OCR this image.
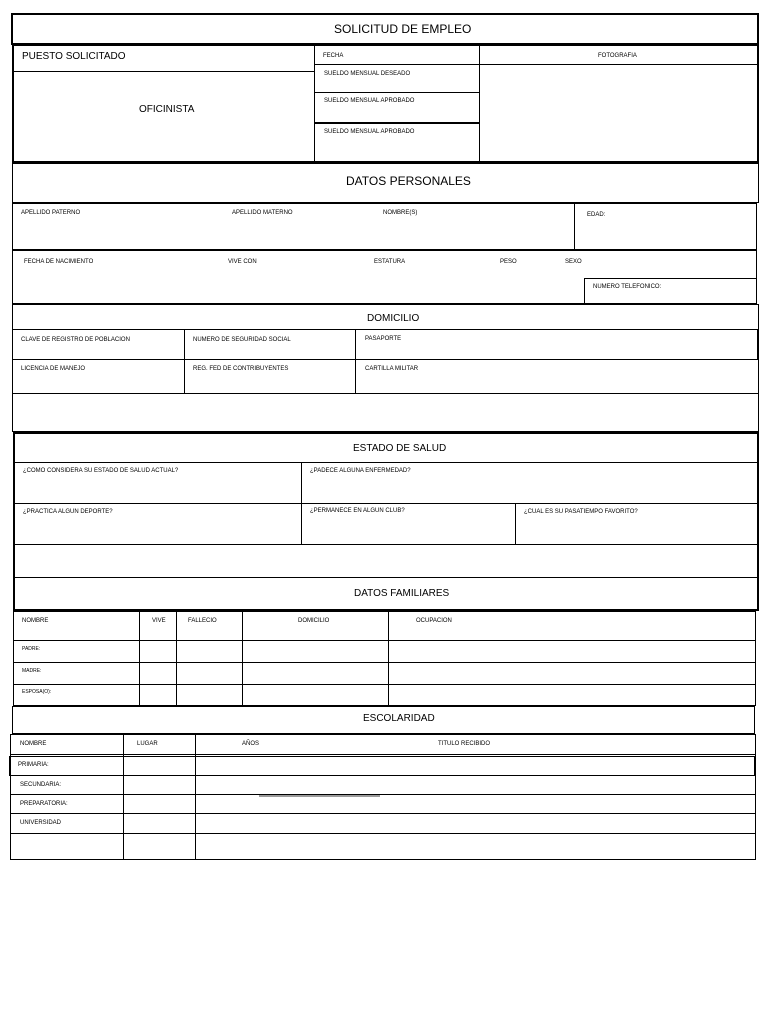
SOLICITUD DE EMPLEO
PUESTO SOLICITADO
OFICINISTA
FECHA	FOTOGRAFIA
SUELDO MENSUAL DESEADO
SUELDO MENSUAL APROBADO
SUELDO MENSUAL APROBADO
DATOS PERSONALES
APELLIDO PATERNO	APELLIDO MATERNO	NOMBRE(S)	EDAD:
FECHA DE NACIMIENTO	VIVE CON	ESTATURA	PESO	SEXO
NUMERO TELEFONICO:
DOMICILIO
CLAVE DE REGISTRO DE POBLACION	NUMERO DE SEGURIDAD SOCIAL	PASAPORTE
LICENCIA DE MANEJO	REG. FED DE CONTRIBUYENTES	CARTILLA MILITAR
ESTADO DE SALUD
¿COMO CONSIDERA SU ESTADO DE SALUD ACTUAL?	¿PADECE ALGUNA ENFERMEDAD?
¿PRACTICA ALGUN DEPORTE?	¿PERMANECE EN ALGUN CLUB?	¿CUAL ES SU PASATIEMPO FAVORITO?
DATOS FAMILIARES
NOMBRE	VIVE	FALLECIO	DOMICILIO	OCUPACION
PADRE:
MADRE:
ESPOSA(O):
ESCOLARIDAD
NOMBRE	LUGAR	AÑOS	TITULO RECIBIDO
PRIMARIA:
SECUNDARIA:
PREPARATORIA:
UNIVERSIDAD
